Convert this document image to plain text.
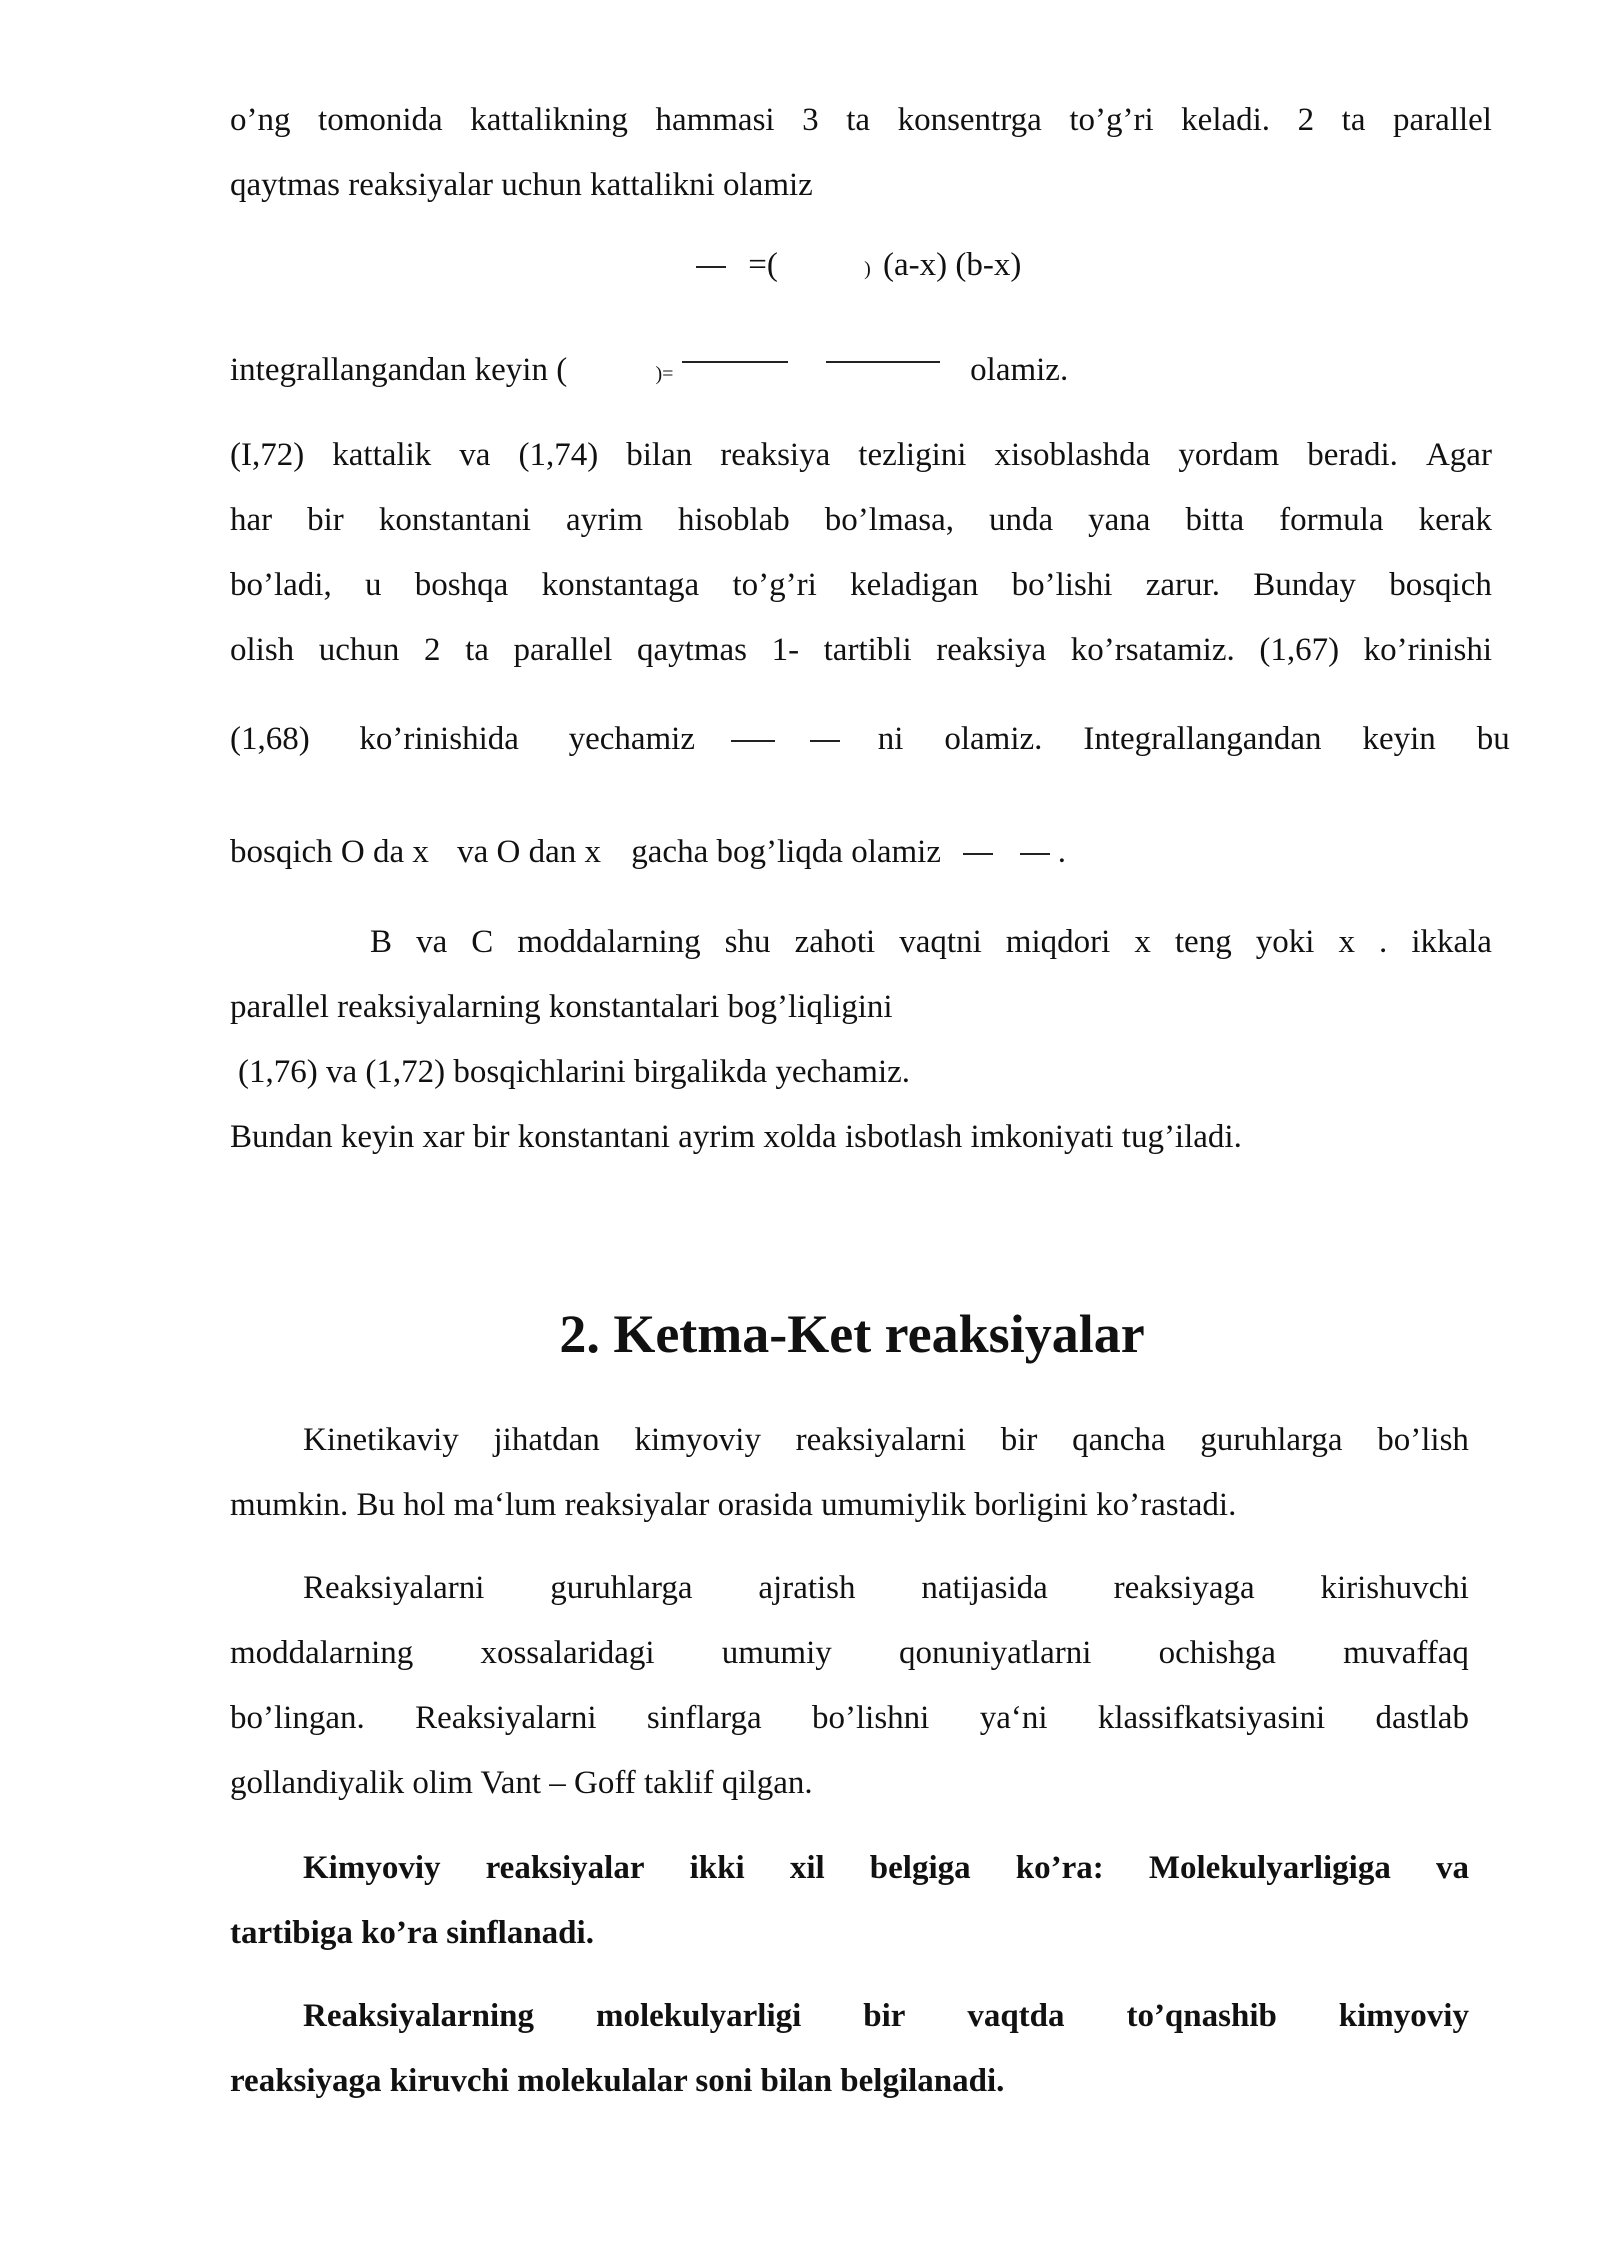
o’ng tomonida kattalikning hammasi 3 ta konsentrga to’g’ri keladi. 2 ta parallel
qaytmas reaksiyalar uchun kattalikni olamiz
=(	) (a-x) (b-x)
integrallangandan keyin (	)=	olamiz.
(I,72) kattalik va (1,74) bilan reaksiya tezligini xisoblashda yordam beradi. Agar
har bir konstantani ayrim hisoblab bo’lmasa, unda yana bitta formula kerak
bo’ladi, u boshqa konstantaga to’g’ri keladigan bo’lishi zarur. Bunday bosqich
olish uchun 2 ta parallel qaytmas 1- tartibli reaksiya ko’rsatamiz. (1,67) ko’rinishi
(1,68) ko’rinishida yechamiz
	ni olamiz. Integrallangandan keyin bu
bosqich O da x va O dan x gacha bog’liqda olamiz	.
B va C moddalarning shu zahoti vaqtni miqdori x teng yoki x . ikkala
parallel reaksiyalarning konstantalari bog’liqligini
(1,76) va (1,72) bosqichlarini birgalikda yechamiz.
Bundan keyin xar bir konstantani ayrim xolda isbotlash imkoniyati tug’iladi.
2. Ketma-Ket reaksiyalar
Kinetikaviy jihatdan kimyoviy reaksiyalarni bir qancha guruhlarga bo’lish
mumkin. Bu hol ma‘lum reaksiyalar orasida umumiylik borligini ko’rastadi.
Reaksiyalarni guruhlarga ajratish natijasida reaksiyaga kirishuvchi
moddalarning xossalaridagi umumiy qonuniyatlarni ochishga muvaffaq
bo’lingan. Reaksiyalarni sinflarga bo’lishni ya‘ni klassifkatsiyasini dastlab
gollandiyalik olim Vant – Goff taklif qilgan.
Kimyoviy reaksiyalar ikki xil belgiga ko’ra: Molekulyarligiga va
tartibiga ko’ra sinflanadi.
Reaksiyalarning molekulyarligi bir vaqtda to’qnashib kimyoviy
reaksiyaga kiruvchi molekulalar soni bilan belgilanadi.
